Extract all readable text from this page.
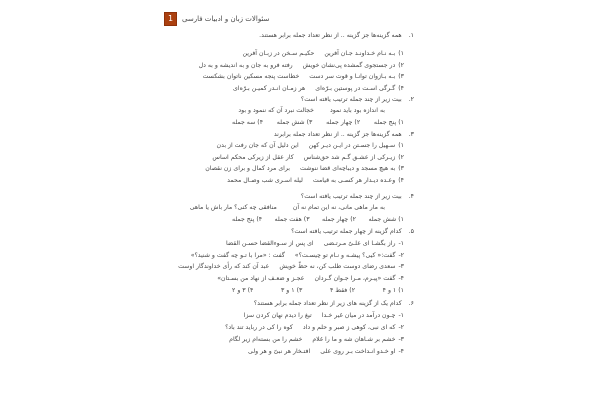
1	سئوالات زبان و ادبیات فارسی
۱.
همه گزینه‌ها جز گزینه .. از نظر تعداد جمله برابر هستند.
۱)
بـه نـام خـداونـد جـان آفرین
حکیـم سـخن در زبـان آفرین
۲)
در جستجوی گمشده پی‌نشان خویش
رفته فرو به جان و به اندیشه و به دل
۳)
بـه بـازوان توانـا و قوت سر دست
خطاست پنجه مسکین ناتوان بشکست
۴)
گـرگی اسـت در پوستین بـرّه‌ای
هر زمـان انـدر کمیـن بـرّه‌ای
۲.
بیت زیر از چند جمله ترتیب یافته است؟
به اندازه بود باید نمود
خجالت نبرد آن که ننمود و بود
۱)
پنج جمله
۲)
چهار جمله
۳)
شش جمله
۴)
سه جمله
۳.
همه گزینه‌ها جز گزینه .. از نظر تعداد جمله برابرند
۱)
سـهیل را جسـتن در ایـن دیـر کهن
این دلیل آن که جان رفت از بدن
۲)
زیـرکی از عشـق گـم شد حق‌شناس
کار عقل از زیرکی محکم اساس
۳)
به هیچ مسجد و دیباچه‌ای قضا ننوشت
برای مرد کمال و برای زن نقصان
۴)
وعـده دیـدار هر کسـی به قیامت
لیله اسـری شب وصـال محمد
۴.
بیت زیر از چند جمله ترتیب یافته است؟
به مار ماهی مانی، نه این تمام نه آن
منافقی چه کنی؟ مار باش یا ماهی
۱)
شش جمله
۲)
چهار جمله
۳)
هفت جمله
۴)
پنج جمله
۵.
کدام گزینه از چهار جمله ترتیب یافته است؟
۱-
راز بگشـا ای علـیّ مـرتـضی
ای پس از سـوءالقضا حسـن القضا
۲-
گفت:« کیی؟ پیشـه و نـام تو چیسـت؟»
گفت : «مرا با تـو چه گفت و شنید؟»
۳-
سعدی رضای دوست طلب کن، نه حظّ خویش
عبد آن کند که رأی خداوندگار اوست
۴-
گفت «پیـرم، مـرا جـوان گـردان
عجـز و ضعـف از نهاد من بسـتان»
۱)
۱ و ۴
۲)
فقط ۴
۳)
۱ و ۳
۴)
۳ و ۲
۶.
کدام یک از گزینه های زیر از نظر تعداد جمله برابر هستند؟
۱-
چـون درآمد در میان غیر خـدا
تیغ را دیدم نهان کردن سزا
۲-
که ای نبی، کوهی ز صبر و حلم و داد
کوه را کی در رباید تند باد؟
۳-
خشم بر شـاهان شه و ما را غلام
خشم را من بسته‌ام زیر لگام
۴-
او خـدو انـداخت بـر روی علی
افتـخار هر نبیّ و هر ولی
